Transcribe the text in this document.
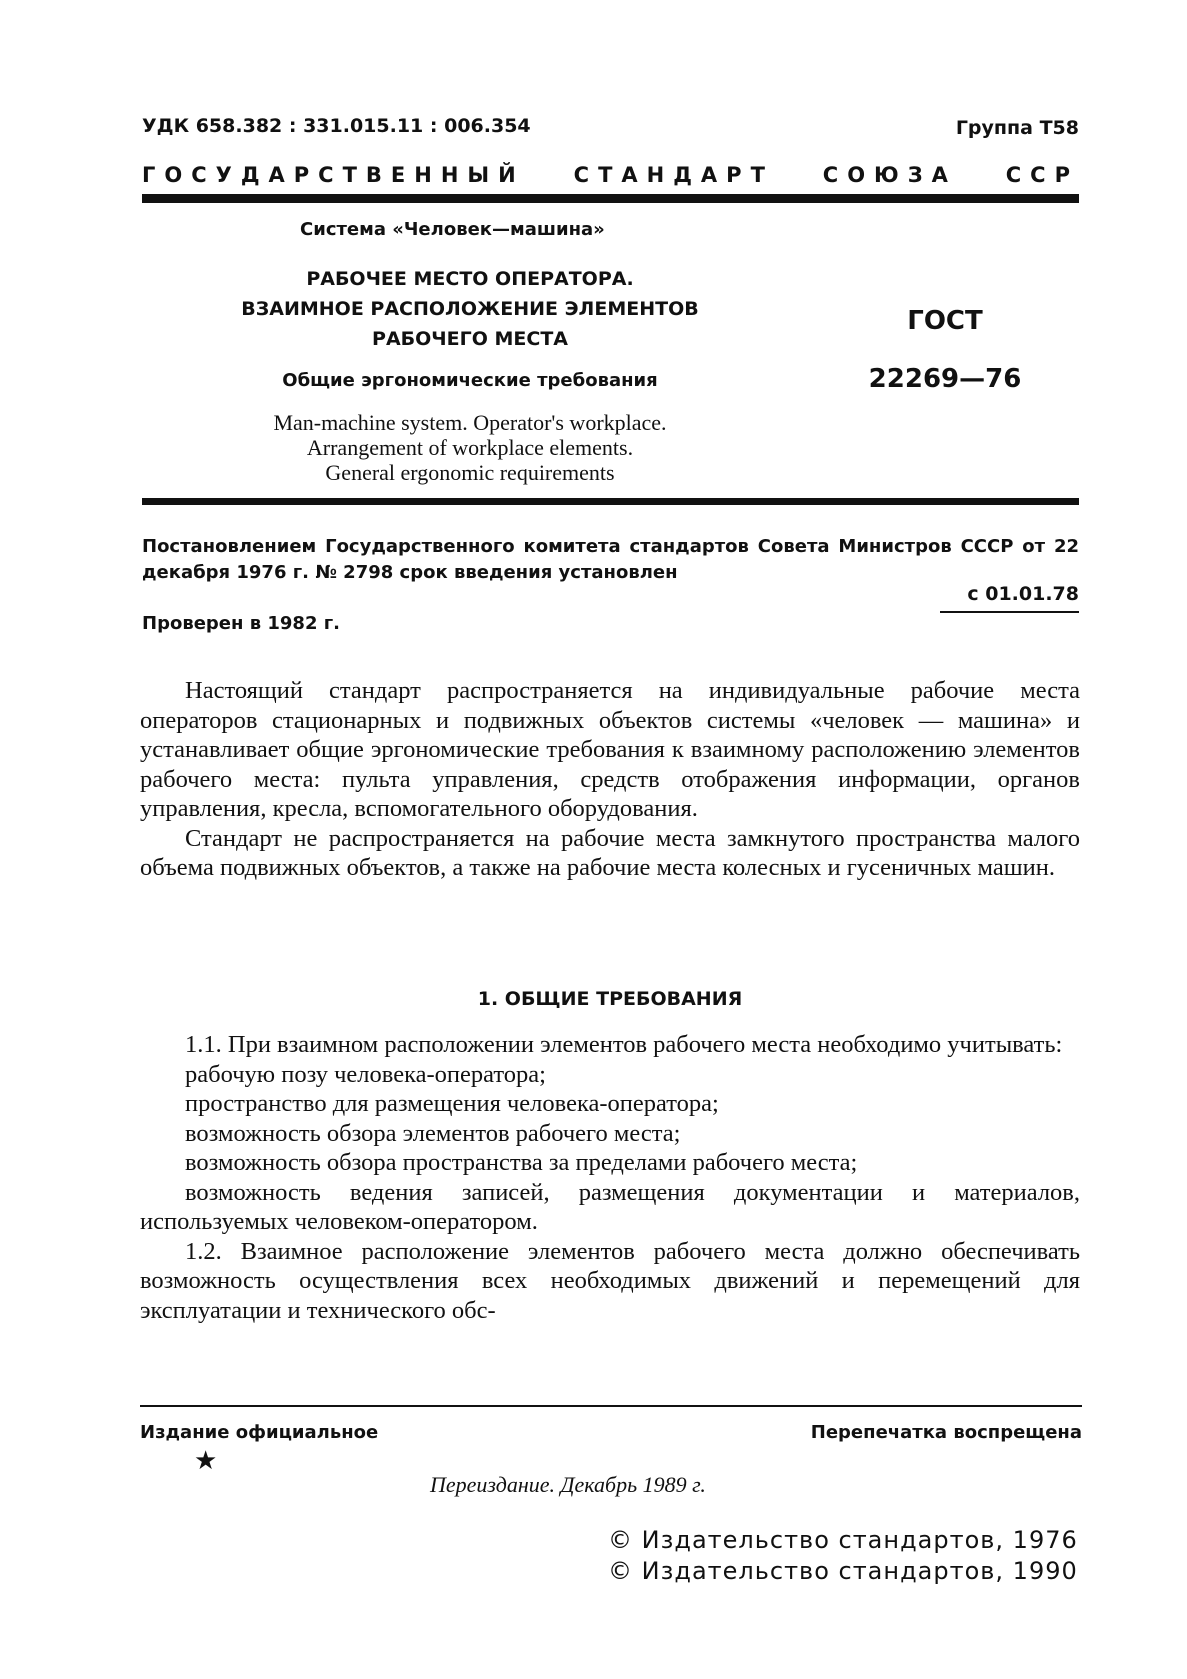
УДК 658.382 : 331.015.11 : 006.354	Группа Т58
ГОСУДАРСТВЕННЫЙ СТАНДАРТ СОЮЗА ССР
Система «Человек—машина»
РАБОЧЕЕ МЕСТО ОПЕРАТОРА.
ВЗАИМНОЕ РАСПОЛОЖЕНИЕ ЭЛЕМЕНТОВ
РАБОЧЕГО МЕСТА
ГОСТ
22269—76
Общие эргономические требования
Man-machine system. Operator's workplace.
Arrangement of workplace elements.
General ergonomic requirements
Постановлением Государственного комитета стандартов Совета Министров СССР от 22 декабря 1976 г. № 2798 срок введения установлен
с 01.01.78
Проверен в 1982 г.

Настоящий стандарт распространяется на индивидуальные рабочие места операторов стационарных и подвижных объектов системы «человек — машина» и устанавливает общие эргономические требования к взаимному расположению элементов рабочего места: пульта управления, средств отображения информации, органов управления, кресла, вспомогательного оборудования.

Стандарт не распространяется на рабочие места замкнутого пространства малого объема подвижных объектов, а также на рабочие места колесных и гусеничных машин.

1. ОБЩИЕ ТРЕБОВАНИЯ

1.1. При взаимном расположении элементов рабочего места необходимо учитывать:

рабочую позу человека-оператора;

пространство для размещения человека-оператора;

возможность обзора элементов рабочего места;

возможность обзора пространства за пределами рабочего места;

возможность ведения записей, размещения документации и материалов, используемых человеком-оператором.

1.2. Взаимное расположение элементов рабочего места должно обеспечивать возможность осуществления всех необходимых движений и перемещений для эксплуатации и технического обс-

Издание официальное	Перепечатка воспрещена
★
Переиздание. Декабрь 1989 г.
© Издательство стандартов, 1976
© Издательство стандартов, 1990
